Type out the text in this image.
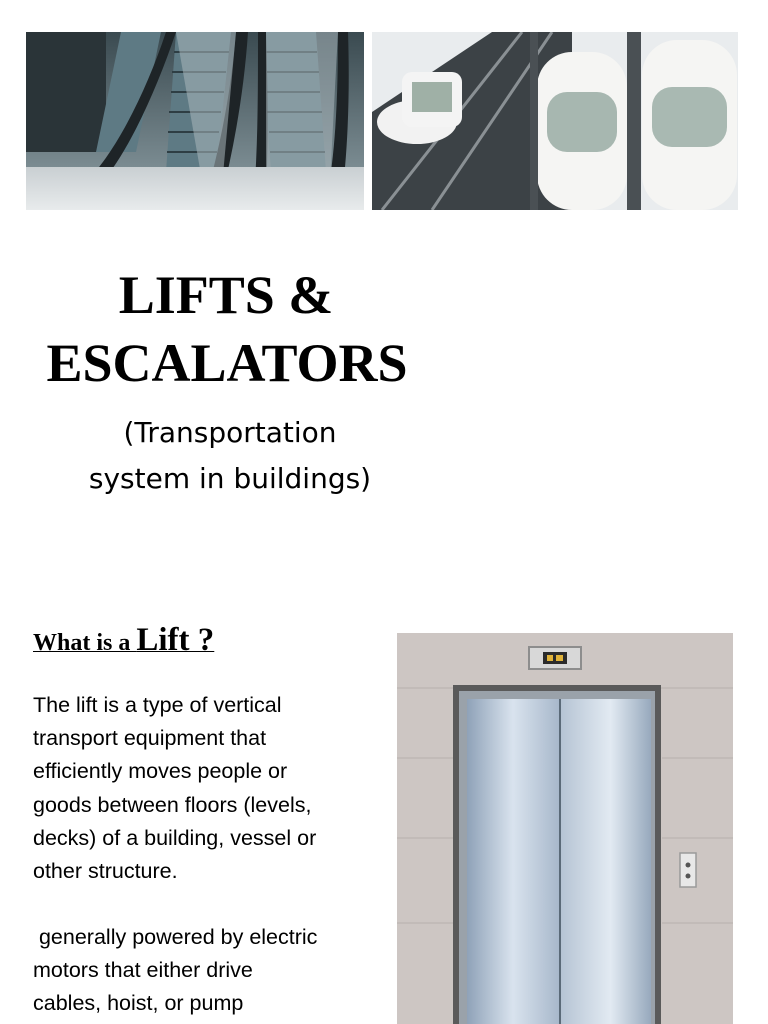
LIFTS &
ESCALATORS
(Transportation
system in buildings)
What is a Lift ?
The lift is a type of vertical
transport equipment that
efficiently moves people or
goods between floors (levels,
decks) of a building, vessel or
other structure.
generally powered by electric
motors that either drive
cables, hoist, or pump
